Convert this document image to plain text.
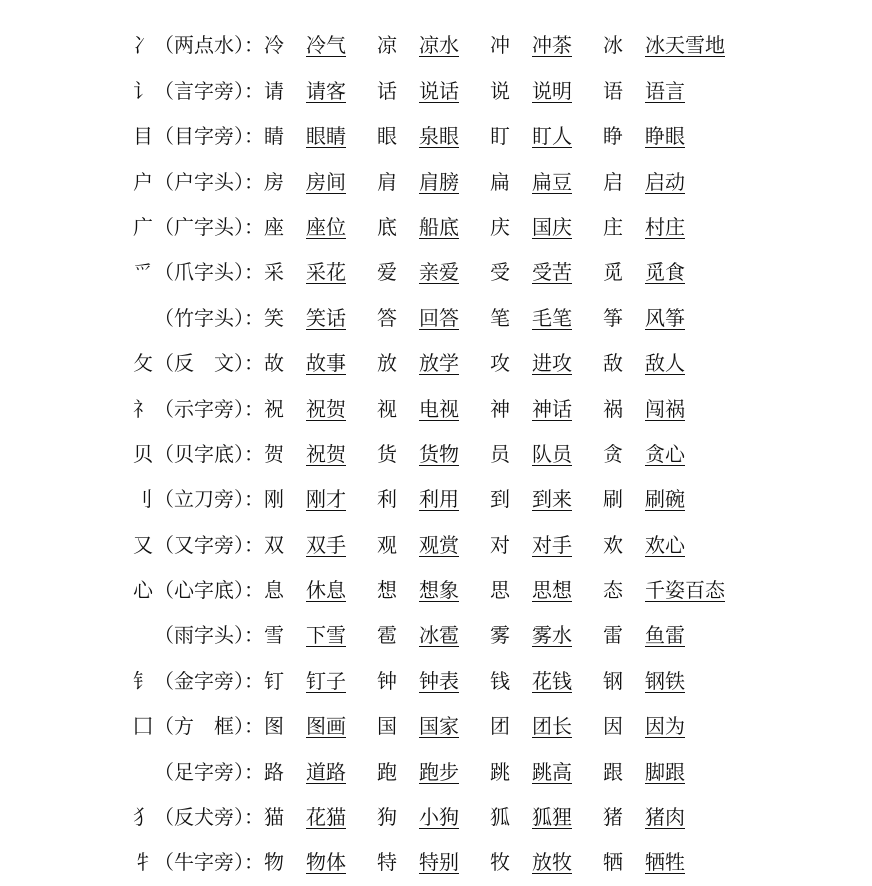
冫 （两点水）： 冷 冷气 凉 凉水 冲 冲茶 冰 冰天雪地
讠 （言字旁）： 请 请客 话 说话 说 说明 语 语言
目 （目字旁）： 睛 眼睛 眼 泉眼 盯 盯人 睁 睁眼
户 （户字头）： 房 房间 肩 肩膀 扁 扁豆 启 启动
广 （广字头）： 座 座位 底 船底 庆 国庆 庄 村庄
爫 （爪字头）： 采 采花 爱 亲爱 受 受苦 觅 觅食
（竹字头）： 笑 笑话 答 回答 笔 毛笔 筝 风筝
攵 （反　文）： 故 故事 放 放学 攻 进攻 敌 敌人
礻 （示字旁）： 祝 祝贺 视 电视 神 神话 祸 闯祸
贝 （贝字底）： 贺 祝贺 货 货物 员 队员 贪 贪心
刂 （立刀旁）： 刚 刚才 利 利用 到 到来 刷 刷碗
又 （又字旁）： 双 双手 观 观赏 对 对手 欢 欢心
心 （心字底）： 息 休息 想 想象 思 思想 态 千姿百态
（雨字头）： 雪 下雪 雹 冰雹 雾 雾水 雷 鱼雷
钅 （金字旁）： 钉 钉子 钟 钟表 钱 花钱 钢 钢铁
囗 （方　框）： 图 图画 国 国家 团 团长 因 因为
（足字旁）： 路 道路 跑 跑步 跳 跳高 跟 脚跟
犭 （反犬旁）： 猫 花猫 狗 小狗 狐 狐狸 猪 猪肉
牜 （牛字旁）： 物 物体 特 特别 牧 放牧 牺 牺牲
